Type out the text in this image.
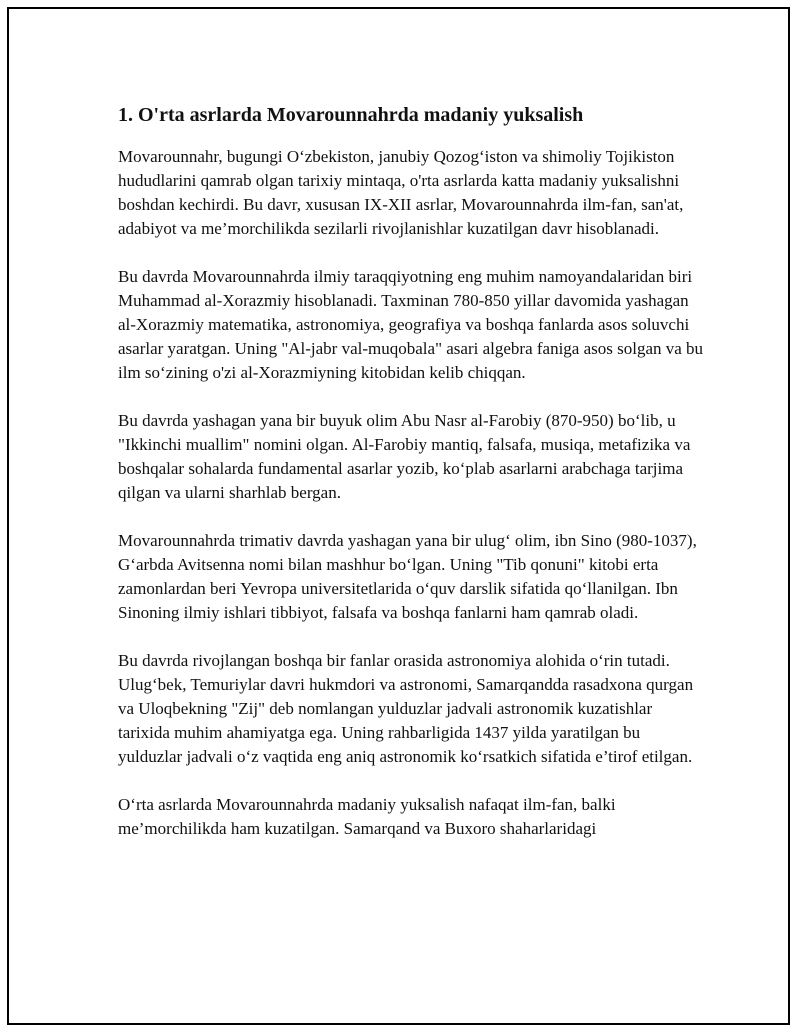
1. O'rta asrlarda Movarounnahrda madaniy yuksalish

Movarounnahr, bugungi O‘zbekiston, janubiy Qozog‘iston va shimoliy Tojikiston hududlarini qamrab olgan tarixiy mintaqa, o'rta asrlarda katta madaniy yuksalishni boshdan kechirdi. Bu davr, xususan IX-XII asrlar, Movarounnahrda ilm-fan, san'at, adabiyot va me’morchilikda sezilarli rivojlanishlar kuzatilgan davr hisoblanadi.

Bu davrda Movarounnahrda ilmiy taraqqiyotning eng muhim namoyandalaridan biri Muhammad al-Xorazmiy hisoblanadi. Taxminan 780-850 yillar davomida yashagan al-Xorazmiy matematika, astronomiya, geografiya va boshqa fanlarda asos soluvchi asarlar yaratgan. Uning "Al-jabr val-muqobala" asari algebra faniga asos solgan va bu ilm so‘zining o'zi al-Xorazmiyning kitobidan kelib chiqqan.

Bu davrda yashagan yana bir buyuk olim Abu Nasr al-Farobiy (870-950) bo‘lib, u "Ikkinchi muallim" nomini olgan. Al-Farobiy mantiq, falsafa, musiqa, metafizika va boshqalar sohalarda fundamental asarlar yozib, ko‘plab asarlarni arabchaga tarjima qilgan va ularni sharhlab bergan.

Movarounnahrda trimativ davrda yashagan yana bir ulug‘ olim, ibn Sino (980-1037), G‘arbda Avitsenna nomi bilan mashhur bo‘lgan. Uning "Tib qonuni" kitobi erta zamonlardan beri Yevropa universitetlarida o‘quv darslik sifatida qo‘llanilgan. Ibn Sinoning ilmiy ishlari tibbiyot, falsafa va boshqa fanlarni ham qamrab oladi.

Bu davrda rivojlangan boshqa bir fanlar orasida astronomiya alohida o‘rin tutadi. Ulug‘bek, Temuriylar davri hukmdori va astronomi, Samarqandda rasadxona qurgan va Uloqbekning "Zij" deb nomlangan yulduzlar jadvali astronomik kuzatishlar tarixida muhim ahamiyatga ega. Uning rahbarligida 1437 yilda yaratilgan bu yulduzlar jadvali o‘z vaqtida eng aniq astronomik ko‘rsatkich sifatida e’tirof etilgan.

O‘rta asrlarda Movarounnahrda madaniy yuksalish nafaqat ilm-fan, balki me’morchilikda ham kuzatilgan. Samarqand va Buxoro shaharlaridagi
